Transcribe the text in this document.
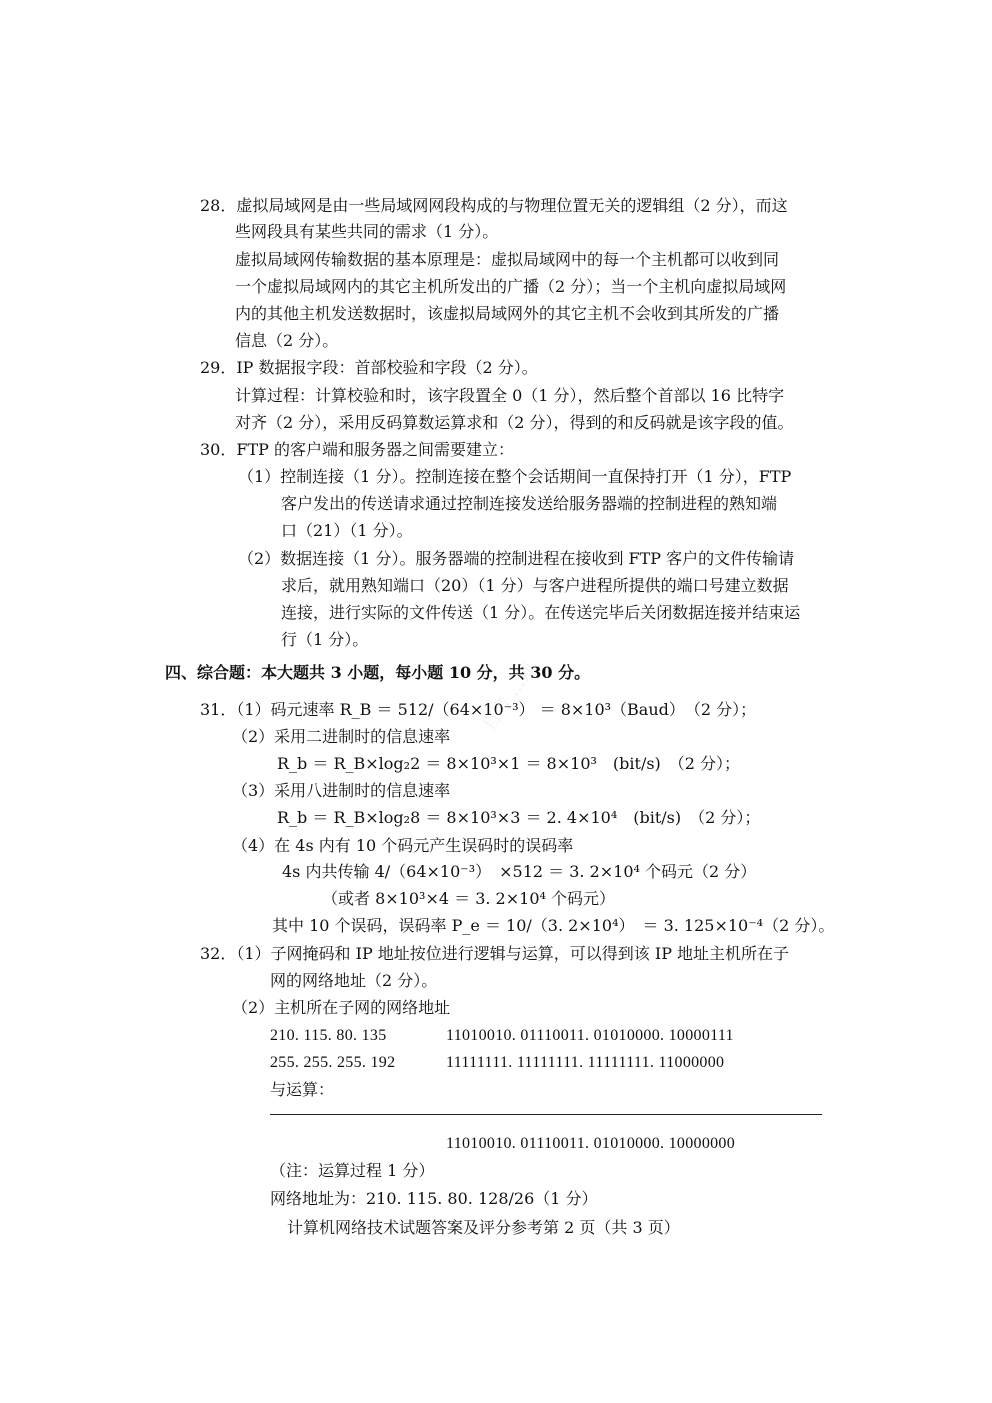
28．虚拟局域网是由一些局域网网段构成的与物理位置无关的逻辑组（2 分），而这
些网段具有某些共同的需求（1 分）。
虚拟局域网传输数据的基本原理是：虚拟局域网中的每一个主机都可以收到同
一个虚拟局域网内的其它主机所发出的广播（2 分）；当一个主机向虚拟局域网
内的其他主机发送数据时，该虚拟局域网外的其它主机不会收到其所发的广播
信息（2 分）。
29．IP 数据报字段：首部校验和字段（2 分）。
计算过程：计算校验和时，该字段置全 0（1 分），然后整个首部以 16 比特字
对齐（2 分），采用反码算数运算求和（2 分），得到的和反码就是该字段的值。
30．FTP 的客户端和服务器之间需要建立：
（1）控制连接（1 分）。控制连接在整个会话期间一直保持打开（1 分），FTP
客户发出的传送请求通过控制连接发送给服务器端的控制进程的熟知端
口（21）（1 分）。
（2）数据连接（1 分）。服务器端的控制进程在接收到 FTP 客户的文件传输请
求后，就用熟知端口（20）（1 分）与客户进程所提供的端口号建立数据
连接，进行实际的文件传送（1 分）。在传送完毕后关闭数据连接并结束运
行（1 分）。
四、综合题：本大题共 3 小题，每小题 10 分，共 30 分。
31．（1）码元速率 R_B ＝ 512/（64×10⁻³） ＝ 8×10³（Baud）　（2 分）；
（2）采用二进制时的信息速率
R_b ＝ R_B×log₂2 ＝ 8×10³×1 ＝ 8×10³　(bit/s)　（2 分）；
（3）采用八进制时的信息速率
R_b ＝ R_B×log₂8 ＝ 8×10³×3 ＝ 2. 4×10⁴　(bit/s)　（2 分）；
（4）在 4s 内有 10 个码元产生误码时的误码率
4s 内共传输 4/（64×10⁻³）　×512 ＝ 3. 2×10⁴ 个码元（2 分）
（或者 8×10³×4 ＝ 3. 2×10⁴ 个码元）
其中 10 个误码，误码率 P_e ＝ 10/（3. 2×10⁴）　＝ 3. 125×10⁻⁴（2 分）。
32．（1）子网掩码和 IP 地址按位进行逻辑与运算，可以得到该 IP 地址主机所在子
网的网络地址（2 分）。
（2）主机所在子网的网络地址
210. 115. 80. 135	11010010. 01110011. 01010000. 10000111
255. 255. 255. 192	11111111. 11111111. 11111111. 11000000
与运算：
11010010. 01110011. 01010000. 10000000
（注：运算过程 1 分）
网络地址为：210. 115. 80. 128/26（1 分）
计算机网络技术试题答案及评分参考第 2 页（共 3 页）
自考 …师
